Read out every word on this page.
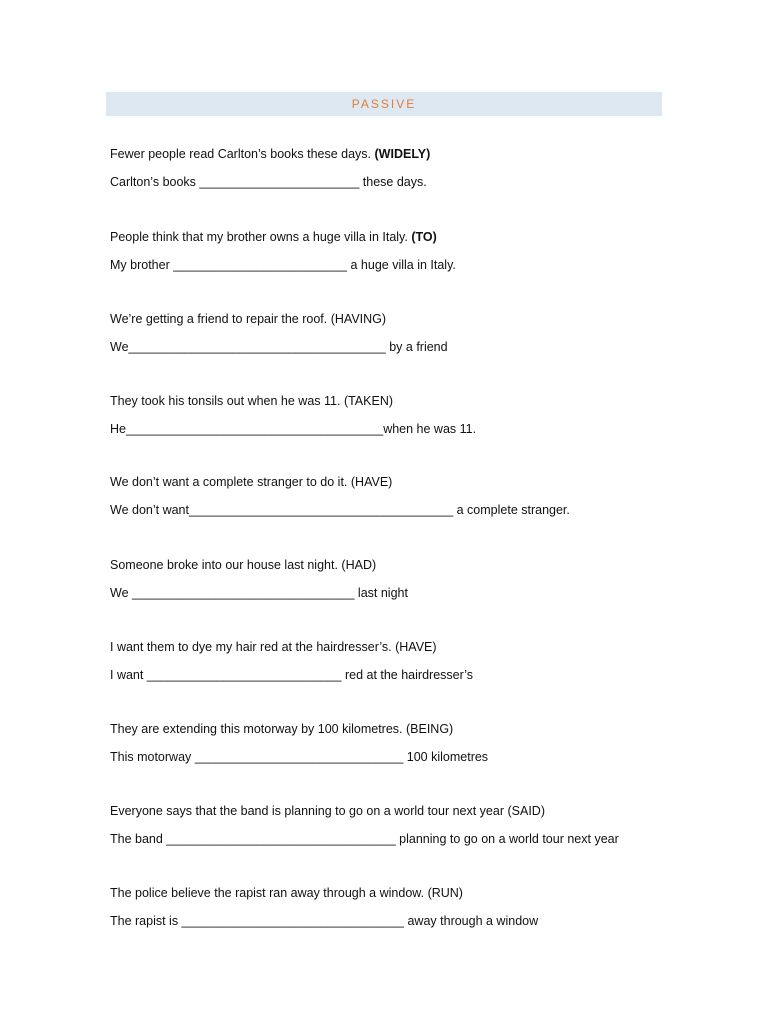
PASSIVE
Fewer people read Carlton’s books these days. (WIDELY)
Carlton’s books _______________________ these days.
People think that my brother owns a huge villa in Italy. (TO)
My brother _________________________ a huge villa in Italy.
We’re getting a friend to repair the roof. (HAVING)
We_____________________________________ by a friend
They took his tonsils out when he was 11. (TAKEN)
He_____________________________________when he was 11.
We don’t want a complete stranger to do it. (HAVE)
We don’t want______________________________________ a complete stranger.
Someone broke into our house last night. (HAD)
We ________________________________ last night
I want them to dye my hair red at the hairdresser’s. (HAVE)
I want ____________________________ red at the hairdresser’s
They are extending this motorway by 100 kilometres. (BEING)
This motorway ______________________________ 100 kilometres
Everyone says that the band is planning to go on a world tour next year (SAID)
The band _________________________________ planning to go on a world tour next year
The police believe the rapist ran away through a window. (RUN)
The rapist is ________________________________ away through a window
